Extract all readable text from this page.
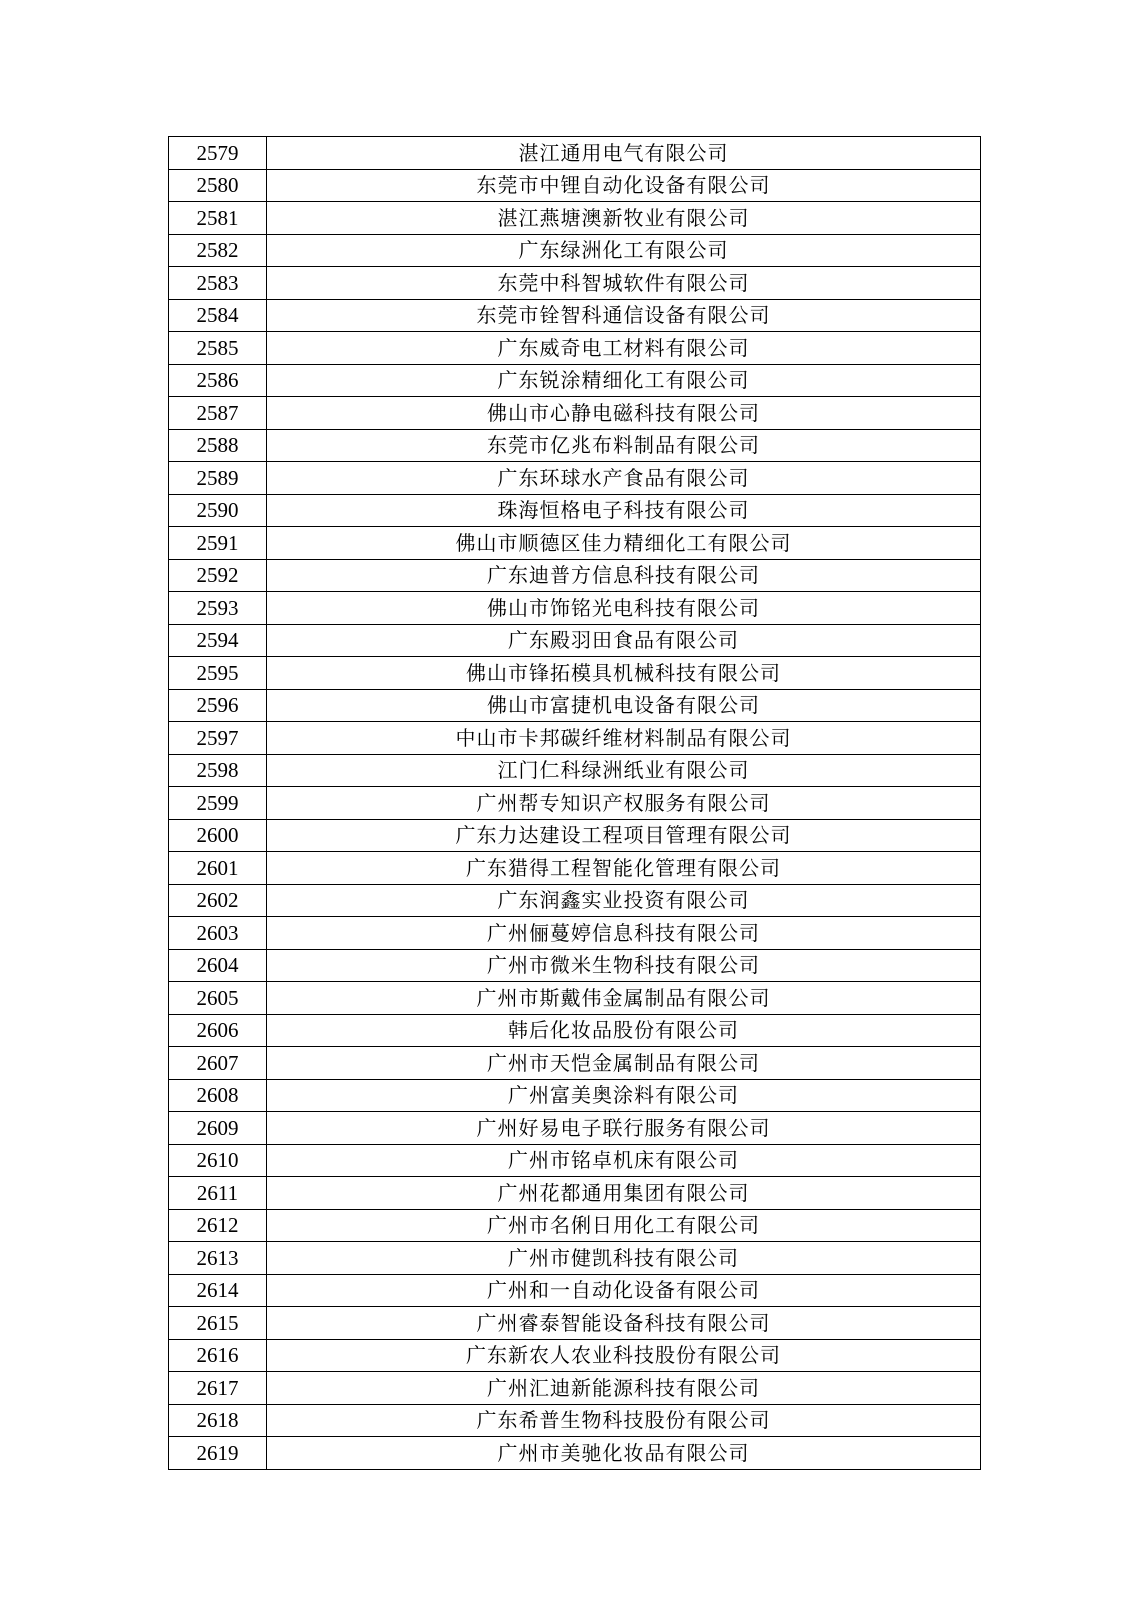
2579	湛江通用电气有限公司
2580	东莞市中锂自动化设备有限公司
2581	湛江燕塘澳新牧业有限公司
2582	广东绿洲化工有限公司
2583	东莞中科智城软件有限公司
2584	东莞市铨智科通信设备有限公司
2585	广东威奇电工材料有限公司
2586	广东锐涂精细化工有限公司
2587	佛山市心静电磁科技有限公司
2588	东莞市亿兆布料制品有限公司
2589	广东环球水产食品有限公司
2590	珠海恒格电子科技有限公司
2591	佛山市顺德区佳力精细化工有限公司
2592	广东迪普方信息科技有限公司
2593	佛山市饰铭光电科技有限公司
2594	广东殿羽田食品有限公司
2595	佛山市锋拓模具机械科技有限公司
2596	佛山市富捷机电设备有限公司
2597	中山市卡邦碳纤维材料制品有限公司
2598	江门仁科绿洲纸业有限公司
2599	广州帮专知识产权服务有限公司
2600	广东力达建设工程项目管理有限公司
2601	广东猎得工程智能化管理有限公司
2602	广东润鑫实业投资有限公司
2603	广州俪蔓婷信息科技有限公司
2604	广州市微米生物科技有限公司
2605	广州市斯戴伟金属制品有限公司
2606	韩后化妆品股份有限公司
2607	广州市天恺金属制品有限公司
2608	广州富美奥涂料有限公司
2609	广州好易电子联行服务有限公司
2610	广州市铭卓机床有限公司
2611	广州花都通用集团有限公司
2612	广州市名俐日用化工有限公司
2613	广州市健凯科技有限公司
2614	广州和一自动化设备有限公司
2615	广州睿泰智能设备科技有限公司
2616	广东新农人农业科技股份有限公司
2617	广州汇迪新能源科技有限公司
2618	广东希普生物科技股份有限公司
2619	广州市美驰化妆品有限公司
